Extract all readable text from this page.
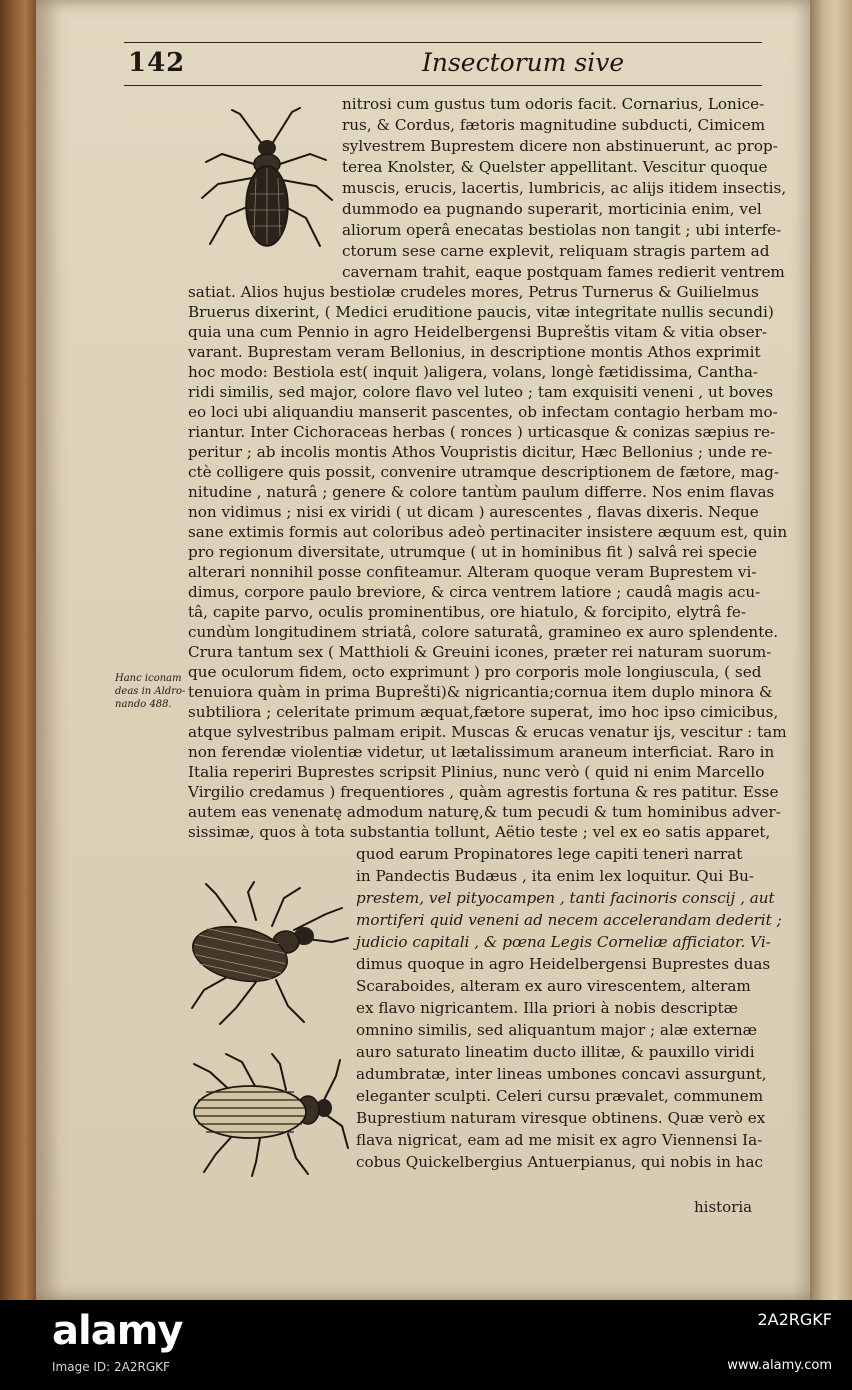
142	Insectorum sive
nitrosi cum gustus tum odoris facit. Cornarius, Lonice-
rus, & Cordus, fætoris magnitudine subducti, Cimicem
sylvestrem Buprestem dicere non abstinuerunt, ac prop-
terea Knolster, & Quelster appellitant. Vescitur quoque
muscis, erucis, lacertis, lumbricis, ac alijs itidem insectis,
dummodo ea pugnando superarit, morticinia enim, vel
aliorum operâ enecatas bestiolas non tangit ; ubi interfe-
ctorum sese carne explevit, reliquam stragis partem ad
cavernam trahit, eaque postquam fames redierit ventrem
satiat. Alios hujus bestiolæ crudeles mores, Petrus Turnerus & Guilielmus
Bruerus dixerint, ( Medici eruditione paucis, vitæ integritate nullis secundi)
quia una cum Pennio in agro Heidelbergensi Bupreštis vitam & vitia obser-
varant. Buprestam veram Bellonius, in descriptione montis Athos exprimit
hoc modo: Bestiola est( inquit )aligera, volans, longè fætidissima, Cantha-
ridi similis, sed major, colore flavo vel luteo ; tam exquisiti veneni , ut boves
eo loci ubi aliquandiu manserit pascentes, ob infectam contagio herbam mo-
riantur. Inter Cichoraceas herbas ( ronces ) urticasque & conizas sæpius re-
peritur ; ab incolis montis Athos Voupristis dicitur, Hæc Bellonius ; unde re-
ctè colligere quis possit, convenire utramque descriptionem de fætore, mag-
nitudine , naturâ ; genere & colore tantùm paulum differre. Nos enim flavas
non vidimus ; nisi ex viridi ( ut dicam ) aurescentes , flavas dixeris. Neque
sane extimis formis aut coloribus adeò pertinaciter insistere æquum est, quin
pro regionum diversitate, utrumque ( ut in hominibus fit ) salvâ rei specie
alterari nonnihil posse confiteamur. Alteram quoque veram Buprestem vi-
dimus, corpore paulo breviore, & circa ventrem latiore ; caudâ magis acu-
tâ, capite parvo, oculis prominentibus, ore hiatulo, & forcipito, elytrâ fe-
cundùm longitudinem striatâ, colore saturatâ, gramineo ex auro splendente.
Crura tantum sex ( Matthioli & Greuini icones, præter rei naturam suorum-
que oculorum fidem, octo exprimunt ) pro corporis mole longiuscula, ( sed
tenuiora quàm in prima Buprešti)& nigricantia;cornua item duplo minora &
subtiliora ; celeritate primum æquat,fætore superat, imo hoc ipso cimicibus,
atque sylvestribus palmam eripit. Muscas & erucas venatur ijs, vescitur : tam
non ferendæ violentiæ videtur, ut lætalissimum araneum interficiat. Raro in
Italia reperiri Buprestes scripsit Plinius, nunc verò ( quid ni enim Marcello
Virgilio credamus ) frequentiores , quàm agrestis fortuna & res patitur. Esse
autem eas venenatę admodum naturę,& tum pecudi & tum hominibus adver-
sissimæ, quos à tota substantia tollunt, Aëtio teste ; vel ex eo satis apparet,
quod earum Propinatores lege capiti teneri narrat
in Pandectis Budæus , ita enim lex loquitur. Qui Bu-
prestem, vel pityocampen , tanti facinoris conscij , aut
mortiferi quid veneni ad necem accelerandam dederit ;
judicio capitali , & pœna Legis Corneliæ afficiator. Vi-
dimus quoque in agro Heidelbergensi Buprestes duas
Scaraboides, alteram ex auro virescentem, alteram
ex flavo nigricantem. Illa priori à nobis descriptæ
omnino similis, sed aliquantum major ; alæ externæ
auro saturato lineatim ducto illitæ, & pauxillo viridi
adumbratæ, inter lineas umbones concavi assurgunt,
eleganter sculpti. Celeri cursu prævalet, communem
Buprestium naturam viresque obtinens. Quæ verò ex
flava nigricat, eam ad me misit ex agro Viennensi Ia-
cobus Quickelbergius Antuerpianus, qui nobis in hac
historia
Hanc iconam
deas in Aldro-
nando 488.
alamy
Image ID: 2A2RGKF
2A2RGKF
www.alamy.com
